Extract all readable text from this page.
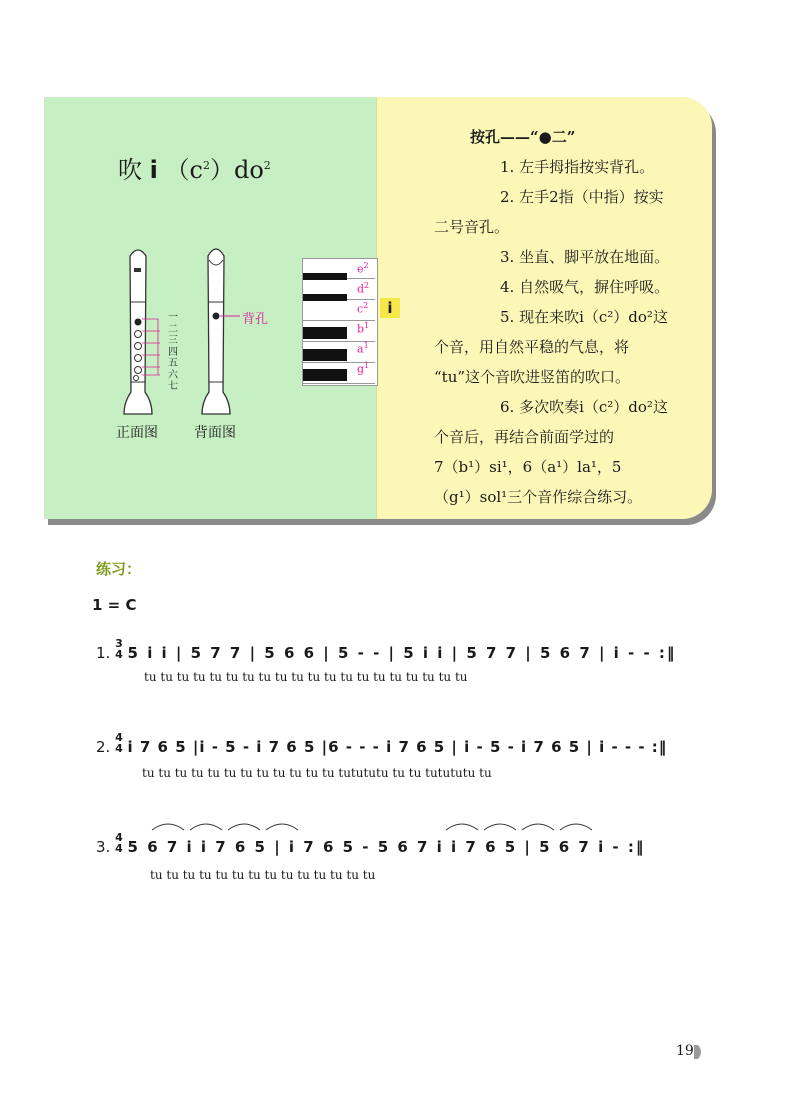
吹 i $(c^2)do^2$
一
二
三
四
五
六
七
背孔
正面图	背面图
$e^2$
$d^2$
$c^2$
$b^1$
$a^1$
$g^1$
i

按孔——“●二”

1. 左手拇指按实背孔。

2. 左手2指（中指）按实

二号音孔。

3. 坐直、脚平放在地面。

4. 自然吸气，摒住呼吸。

5. 现在来吹i（c²）do²这

个音，用自然平稳的气息，将

“tu”这个音吹进竖笛的吹口。

6. 多次吹奏i（c²）do²这

个音后，再结合前面学过的

7（b¹）si¹，6（a¹）la¹，5

（g¹）sol¹三个音作综合练习。

练习：
1 = C
1. 3
4 5 i i | 5 7 7 | 5 6 6 | 5 - - | 5 i i | 5 7 7 | 5 6 7 | i - - :‖
tu tu tu tu tu tu tu tu tu tu tu tu tu tu tu tu tu tu tu tu
2. 4
4 i 7 6 5 |i - 5 - i 7 6 5 |6 - - - i 7 6 5 | i - 5 - i 7 6 5 | i - - - :‖
tu tu tu tu tu tu tu tu tu tu tu tu tutututu tu tu tutututu tu
3. 4
4 5 6 7 i i 7 6 5 | i 7 6 5 - 5 6 7 i i 7 6 5 | 5 6 7 i - :‖
tu tu tu tu tu tu tu tu tu tu tu tu tu tu
19
